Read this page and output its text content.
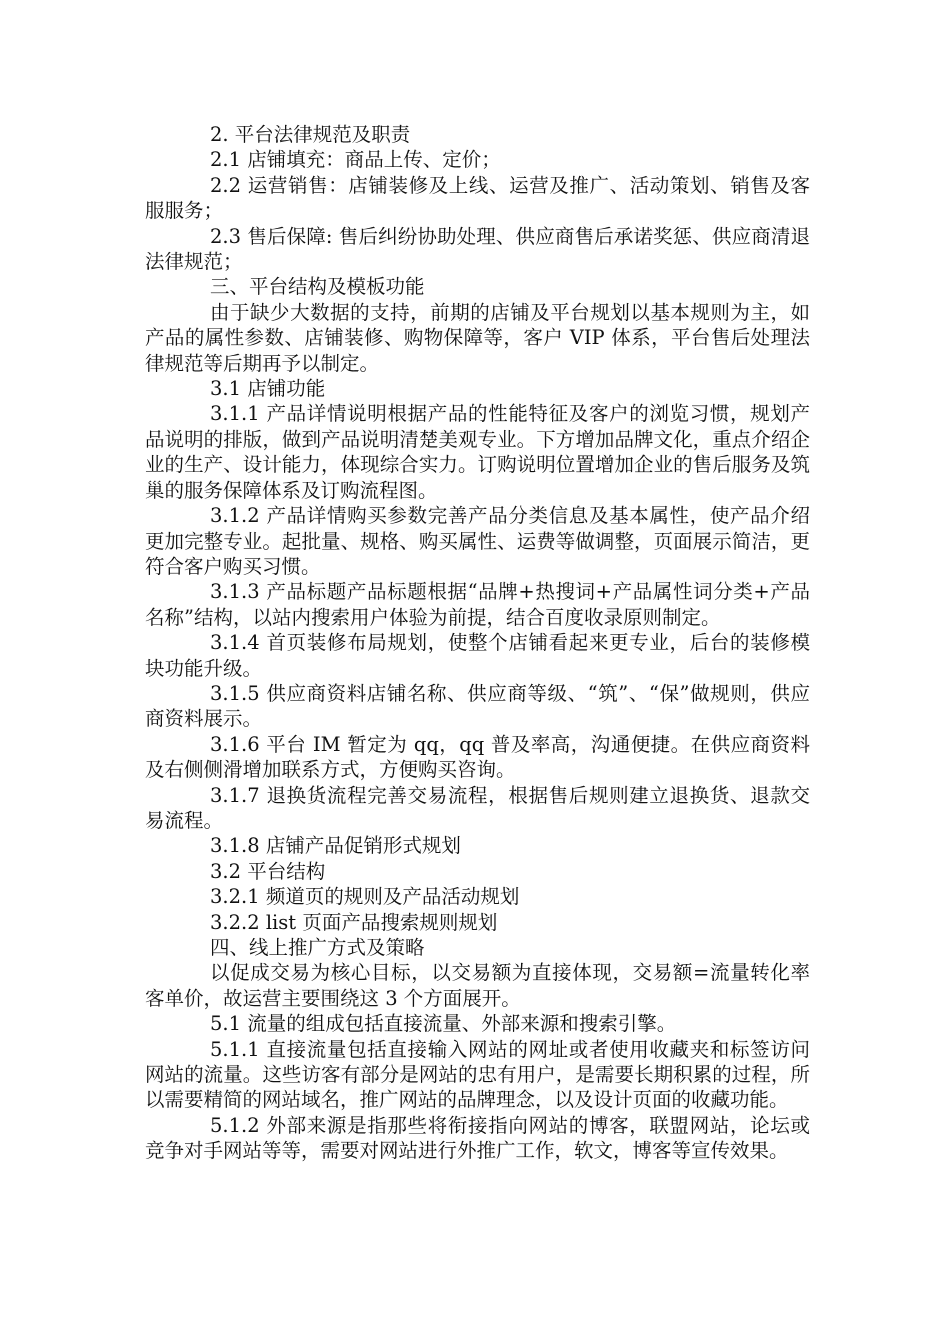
2. 平台法律规范及职责

2.1 店铺填充：商品上传、定价；

2.2 运营销售：店铺装修及上线、运营及推广、活动策划、销售及客服服务；

2.3 售后保障: 售后纠纷协助处理、供应商售后承诺奖惩、供应商清退法律规范；

三、平台结构及模板功能

由于缺少大数据的支持，前期的店铺及平台规划以基本规则为主，如产品的属性参数、店铺装修、购物保障等，客户 VIP 体系，平台售后处理法律规范等后期再予以制定。

3.1 店铺功能

3.1.1 产品详情说明根据产品的性能特征及客户的浏览习惯，规划产品说明的排版，做到产品说明清楚美观专业。下方增加品牌文化，重点介绍企业的生产、设计能力，体现综合实力。订购说明位置增加企业的售后服务及筑巢的服务保障体系及订购流程图。

3.1.2 产品详情购买参数完善产品分类信息及基本属性，使产品介绍更加完整专业。起批量、规格、购买属性、运费等做调整，页面展示简洁，更符合客户购买习惯。

3.1.3 产品标题产品标题根据“品牌+热搜词+产品属性词分类+产品名称”结构，以站内搜索用户体验为前提，结合百度收录原则制定。

3.1.4 首页装修布局规划，使整个店铺看起来更专业，后台的装修模块功能升级。

3.1.5 供应商资料店铺名称、供应商等级、“筑”、“保”做规则，供应商资料展示。

3.1.6 平台 IM 暂定为 qq，qq 普及率高，沟通便捷。在供应商资料及右侧侧滑增加联系方式，方便购买咨询。

3.1.7 退换货流程完善交易流程，根据售后规则建立退换货、退款交易流程。

3.1.8 店铺产品促销形式规划

3.2 平台结构

3.2.1 频道页的规则及产品活动规划

3.2.2 list 页面产品搜索规则规划

四、线上推广方式及策略

以促成交易为核心目标，以交易额为直接体现，交易额=流量转化率客单价，故运营主要围绕这 3 个方面展开。

5.1 流量的组成包括直接流量、外部来源和搜索引擎。

5.1.1 直接流量包括直接输入网站的网址或者使用收藏夹和标签访问网站的流量。这些访客有部分是网站的忠有用户，是需要长期积累的过程，所以需要精简的网站域名，推广网站的品牌理念，以及设计页面的收藏功能。

5.1.2 外部来源是指那些将衔接指向网站的博客，联盟网站，论坛或竞争对手网站等等，需要对网站进行外推广工作，软文，博客等宣传效果。
